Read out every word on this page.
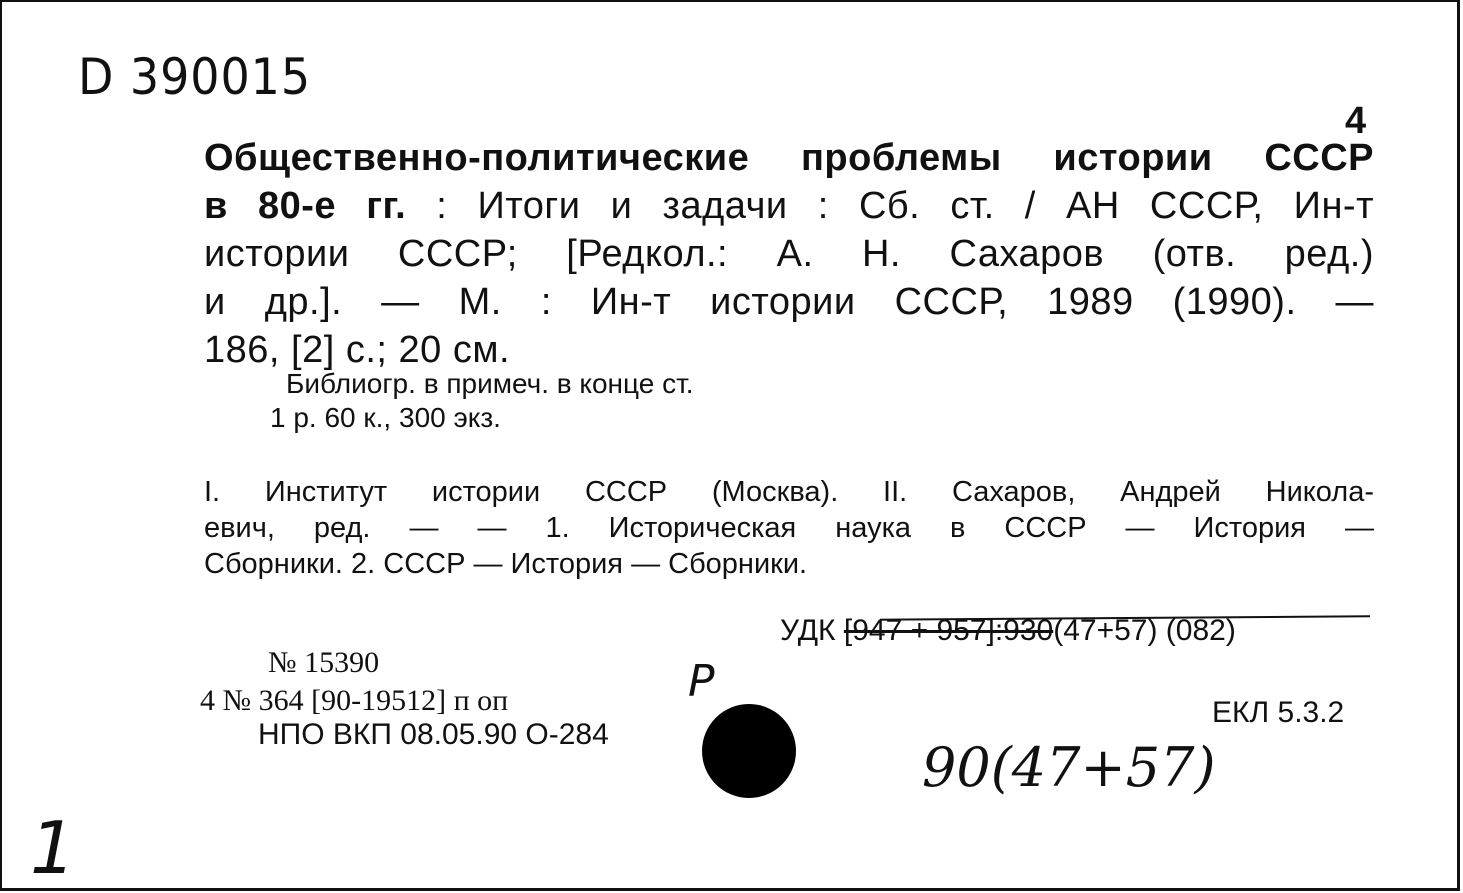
D 390015
4

Общественно-политические проблемы истории СССР

в 80-е гг. : Итоги и задачи : Сб. ст. / АН СССР, Ин-т

истории СССР; [Редкол.: А. Н. Сахаров (отв. ред.)

и др.]. — М. : Ин-т истории СССР, 1989 (1990). —

186, [2] с.; 20 см.

Библиогр. в примеч. в конце ст.
1 р. 60 к., 300 экз.

I. Институт истории СССР (Москва). II. Сахаров, Андрей Никола-

евич, ред. — — 1. Историческая наука в СССР — История —

Сборники. 2. СССР — История — Сборники.

УДК [947 + 957]:930(47+57) (082)
№ 15390
4 № 364 [90-19512] п оп
НПО ВКП 08.05.90 О-284
ЕКЛ 5.3.2
P
90(47+57)
1
